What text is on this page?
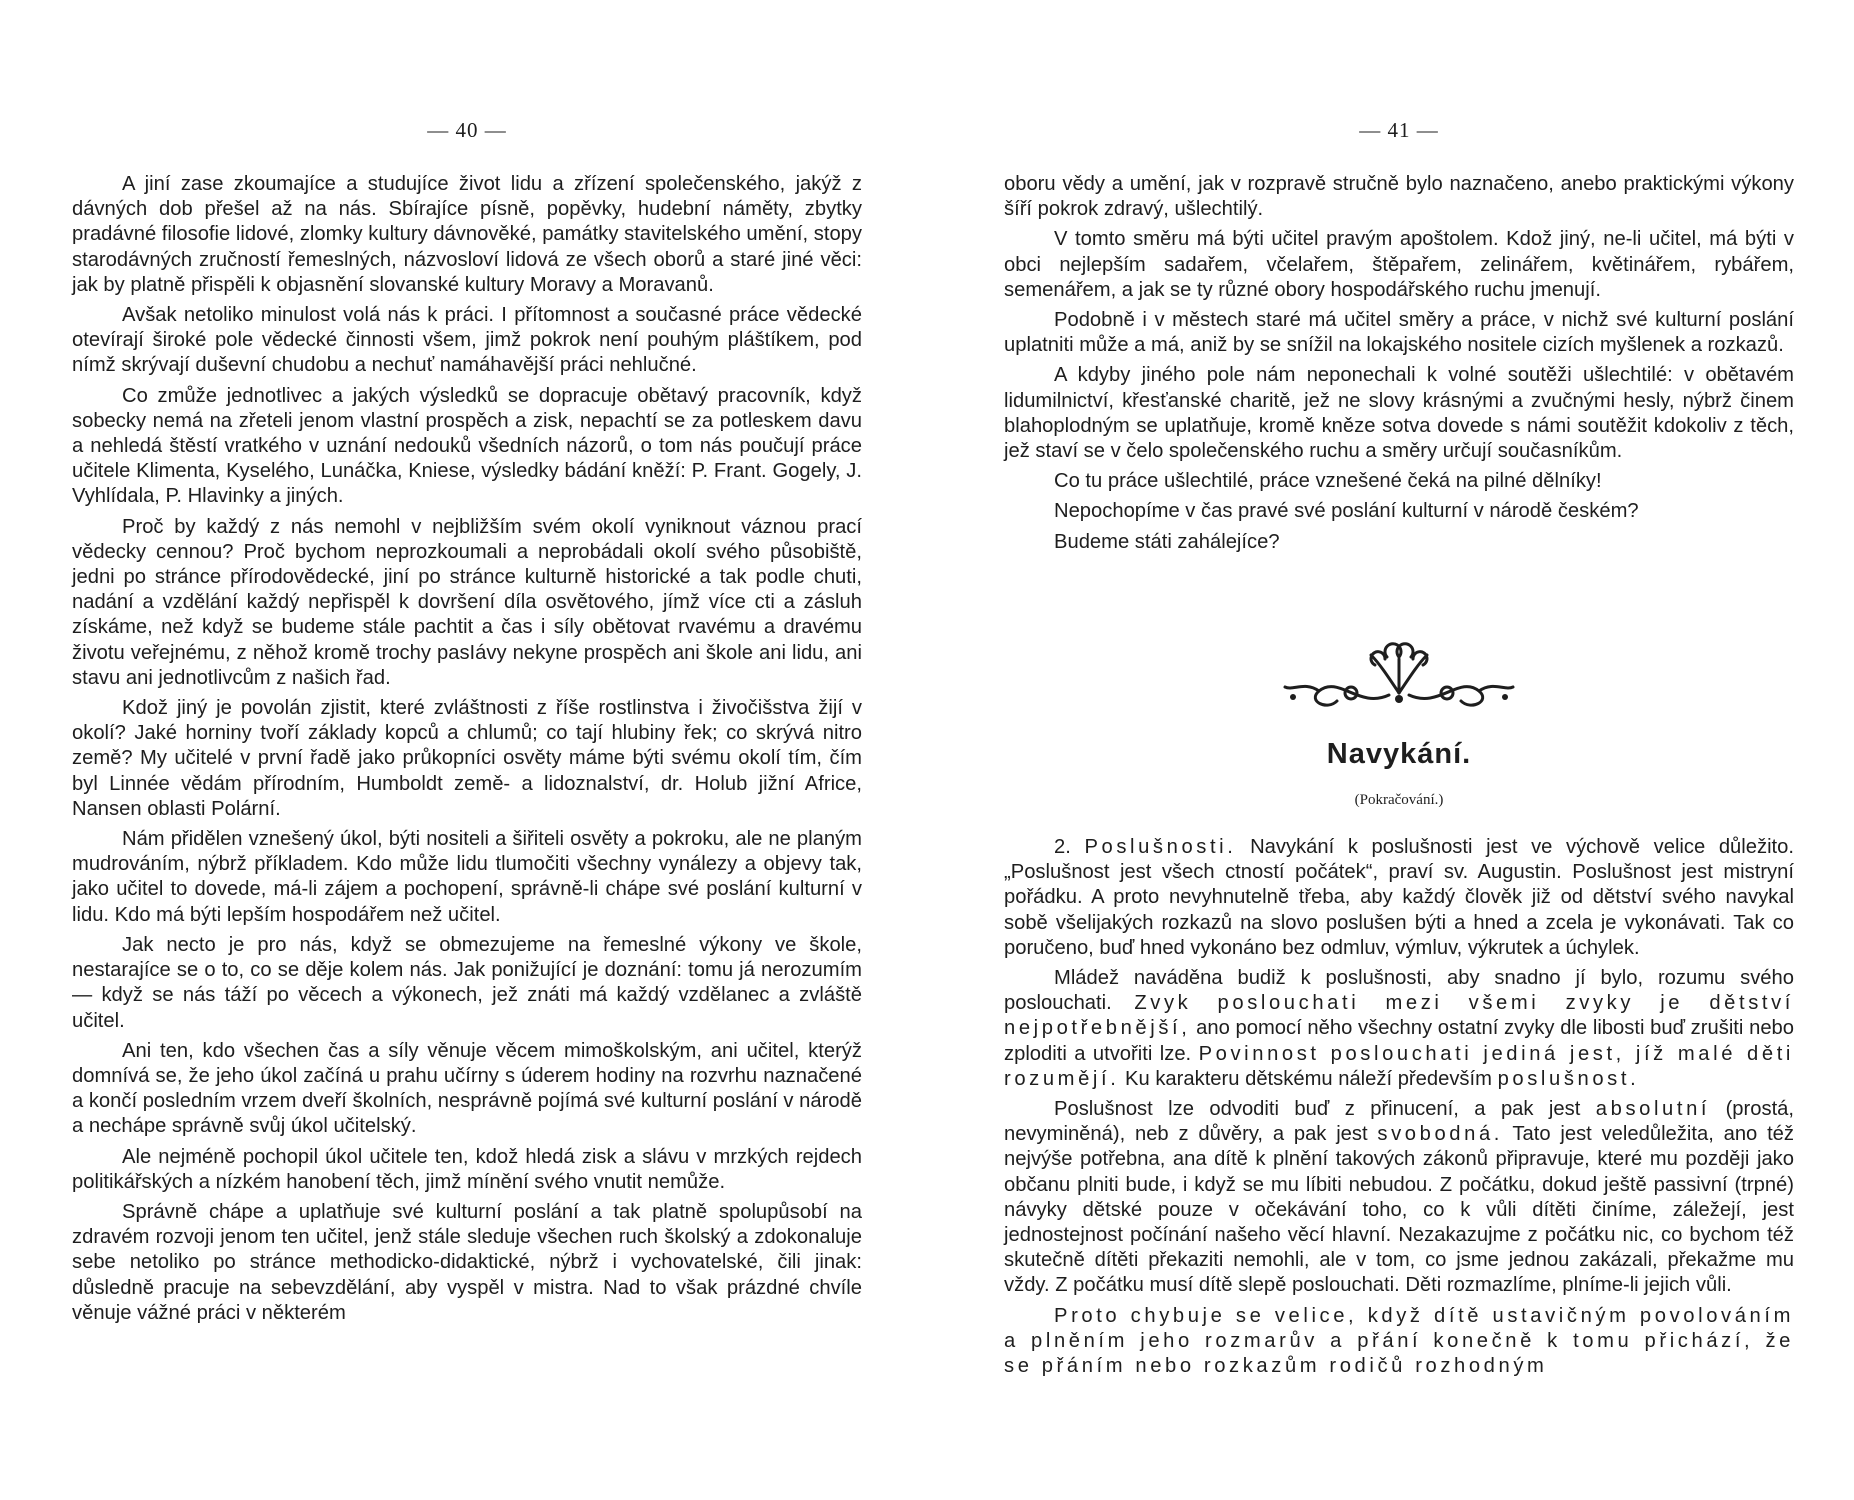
— 40 —

A jiní zase zkoumajíce a studujíce život lidu a zřízení společenského, jakýž z dávných dob přešel až na nás. Sbírajíce písně, popěvky, hudební náměty, zbytky pradávné filosofie lidové, zlomky kultury dávnověké, památky stavitelského umění, stopy starodávných zručností řemeslných, názvosloví lidová ze všech oborů a staré jiné věci: jak by platně přispěli k objasnění slovanské kultury Moravy a Moravanů.

Avšak netoliko minulost volá nás k práci. I přítomnost a současné práce vědecké otevírají široké pole vědecké činnosti všem, jimž pokrok není pouhým pláštíkem, pod nímž skrývají duševní chudobu a nechuť namáhavější práci nehlučné.

Co zmůže jednotlivec a jakých výsledků se dopracuje obětavý pracovník, když sobecky nemá na zřeteli jenom vlastní prospěch a zisk, nepachtí se za potleskem davu a nehledá štěstí vratkého v uznání nedouků všedních názorů, o tom nás poučují práce učitele Klimenta, Kyselého, Lunáčka, Kniese, výsledky bádání kněží: P. Frant. Gogely, J. Vyhlídala, P. Hlavinky a jiných.

Proč by každý z nás nemohl v nejbližším svém okolí vyniknout váznou prací vědecky cennou? Proč bychom neprozkoumali a neprobádali okolí svého působiště, jedni po stránce přírodovědecké, jiní po stránce kulturně historické a tak podle chuti, nadání a vzdělání každý nepřispěl k dovršení díla osvětového, jímž více cti a zásluh získáme, než když se budeme stále pachtit a čas i síly obětovat rvavému a dravému životu veřejnému, z něhož kromě trochy pasIávy nekyne prospěch ani škole ani lidu, ani stavu ani jednotlivcům z našich řad.

Kdož jiný je povolán zjistit, které zvláštnosti z říše rostlinstva i živočišstva žijí v okolí? Jaké horniny tvoří základy kopců a chlumů; co tají hlubiny řek; co skrývá nitro země? My učitelé v první řadě jako průkopníci osvěty máme býti svému okolí tím, čím byl Linnée vědám přírodním, Humboldt země- a lidoznalství, dr. Holub jižní Africe, Nansen oblasti Polární.

Nám přidělen vznešený úkol, býti nositeli a šiřiteli osvěty a pokroku, ale ne planým mudrováním, nýbrž příkladem. Kdo může lidu tlumočiti všechny vynálezy a objevy tak, jako učitel to dovede, má-li zájem a pochopení, správně-li chápe své poslání kulturní v lidu. Kdo má býti lepším hospodářem než učitel.

Jak necto je pro nás, když se obmezujeme na řemeslné výkony ve škole, nestarajíce se o to, co se děje kolem nás. Jak ponižující je doznání: tomu já nerozumím — když se nás táží po věcech a výkonech, jež znáti má každý vzdělanec a zvláště učitel.

Ani ten, kdo všechen čas a síly věnuje věcem mimoškolským, ani učitel, kterýž domnívá se, že jeho úkol začíná u prahu učírny s úderem hodiny na rozvrhu naznačené a končí posledním vrzem dveří školních, nesprávně pojímá své kulturní poslání v národě a nechápe správně svůj úkol učitelský.

Ale nejméně pochopil úkol učitele ten, kdož hledá zisk a slávu v mrzkých rejdech politikářských a nízkém hanobení těch, jimž mínění svého vnutit nemůže.

Správně chápe a uplatňuje své kulturní poslání a tak platně spolupůsobí na zdravém rozvoji jenom ten učitel, jenž stále sleduje všechen ruch školský a zdokonaluje sebe netoliko po stránce methodicko-didaktické, nýbrž i vychovatelské, čili jinak: důsledně pracuje na sebevzdělání, aby vyspěl v mistra. Nad to však prázdné chvíle věnuje vážné práci v některém

— 41 —

oboru vědy a umění, jak v rozpravě stručně bylo naznačeno, anebo praktickými výkony šíří pokrok zdravý, ušlechtilý.

V tomto směru má býti učitel pravým apoštolem. Kdož jiný, ne-li učitel, má býti v obci nejlepším sadařem, včelařem, štěpařem, zelinářem, květinářem, rybářem, semenářem, a jak se ty různé obory hospodářského ruchu jmenují.

Podobně i v městech staré má učitel směry a práce, v nichž své kulturní poslání uplatniti může a má, aniž by se snížil na lokajského nositele cizích myšlenek a rozkazů.

A kdyby jiného pole nám neponechali k volné soutěži ušlechtilé: v obětavém lidumilnictví, křesťanské charitě, jež ne slovy krásnými a zvučnými hesly, nýbrž činem blahoplodným se uplatňuje, kromě kněze sotva dovede s námi soutěžit kdokoliv z těch, jež staví se v čelo společenského ruchu a směry určují současníkům.

Co tu práce ušlechtilé, práce vznešené čeká na pilné dělníky!
Nepochopíme v čas pravé své poslání kulturní v národě českém?
Budeme státi zahálejíce?
Navykání.
(Pokračování.)

2. Poslušnosti. Navykání k poslušnosti jest ve výchově velice důležito. „Poslušnost jest všech ctností počátek“, praví sv. Augustin. Poslušnost jest mistryní pořádku. A proto nevyhnutelně třeba, aby každý člověk již od dětství svého navykal sobě všelijakých rozkazů na slovo poslušen býti a hned a zcela je vykonávati. Tak co poručeno, buď hned vykonáno bez odmluv, výmluv, výkrutek a úchylek.

Mládež naváděna budiž k poslušnosti, aby snadno jí bylo, rozumu svého poslouchati. Zvyk poslouchati mezi všemi zvyky je dětství nejpotřebnější, ano pomocí něho všechny ostatní zvyky dle libosti buď zrušiti nebo zploditi a utvořiti lze. Povinnost poslouchati jediná jest, jíž malé děti rozumějí. Ku karakteru dětskému náleží především poslušnost.

Poslušnost lze odvoditi buď z přinucení, a pak jest absolutní (prostá, nevyminěná), neb z důvěry, a pak jest svobodná. Tato jest veledůležita, ano též nejvýše potřebna, ana dítě k plnění takových zákonů připravuje, které mu později jako občanu plniti bude, i když se mu líbiti nebudou. Z počátku, dokud ještě passivní (trpné) návyky dětské pouze v očekávání toho, co k vůli dítěti činíme, záležejí, jest jednostejnost počínání našeho věcí hlavní. Nezakazujme z počátku nic, co bychom též skutečně dítěti překaziti nemohli, ale v tom, co jsme jednou zakázali, překažme mu vždy. Z počátku musí dítě slepě poslouchati. Děti rozmazlíme, plníme-li jejich vůli.

Proto chybuje se velice, když dítě ustavičným povolováním a plněním jeho rozmarův a přání konečně k tomu přichází, že se přáním nebo rozkazům rodičů rozhodným
